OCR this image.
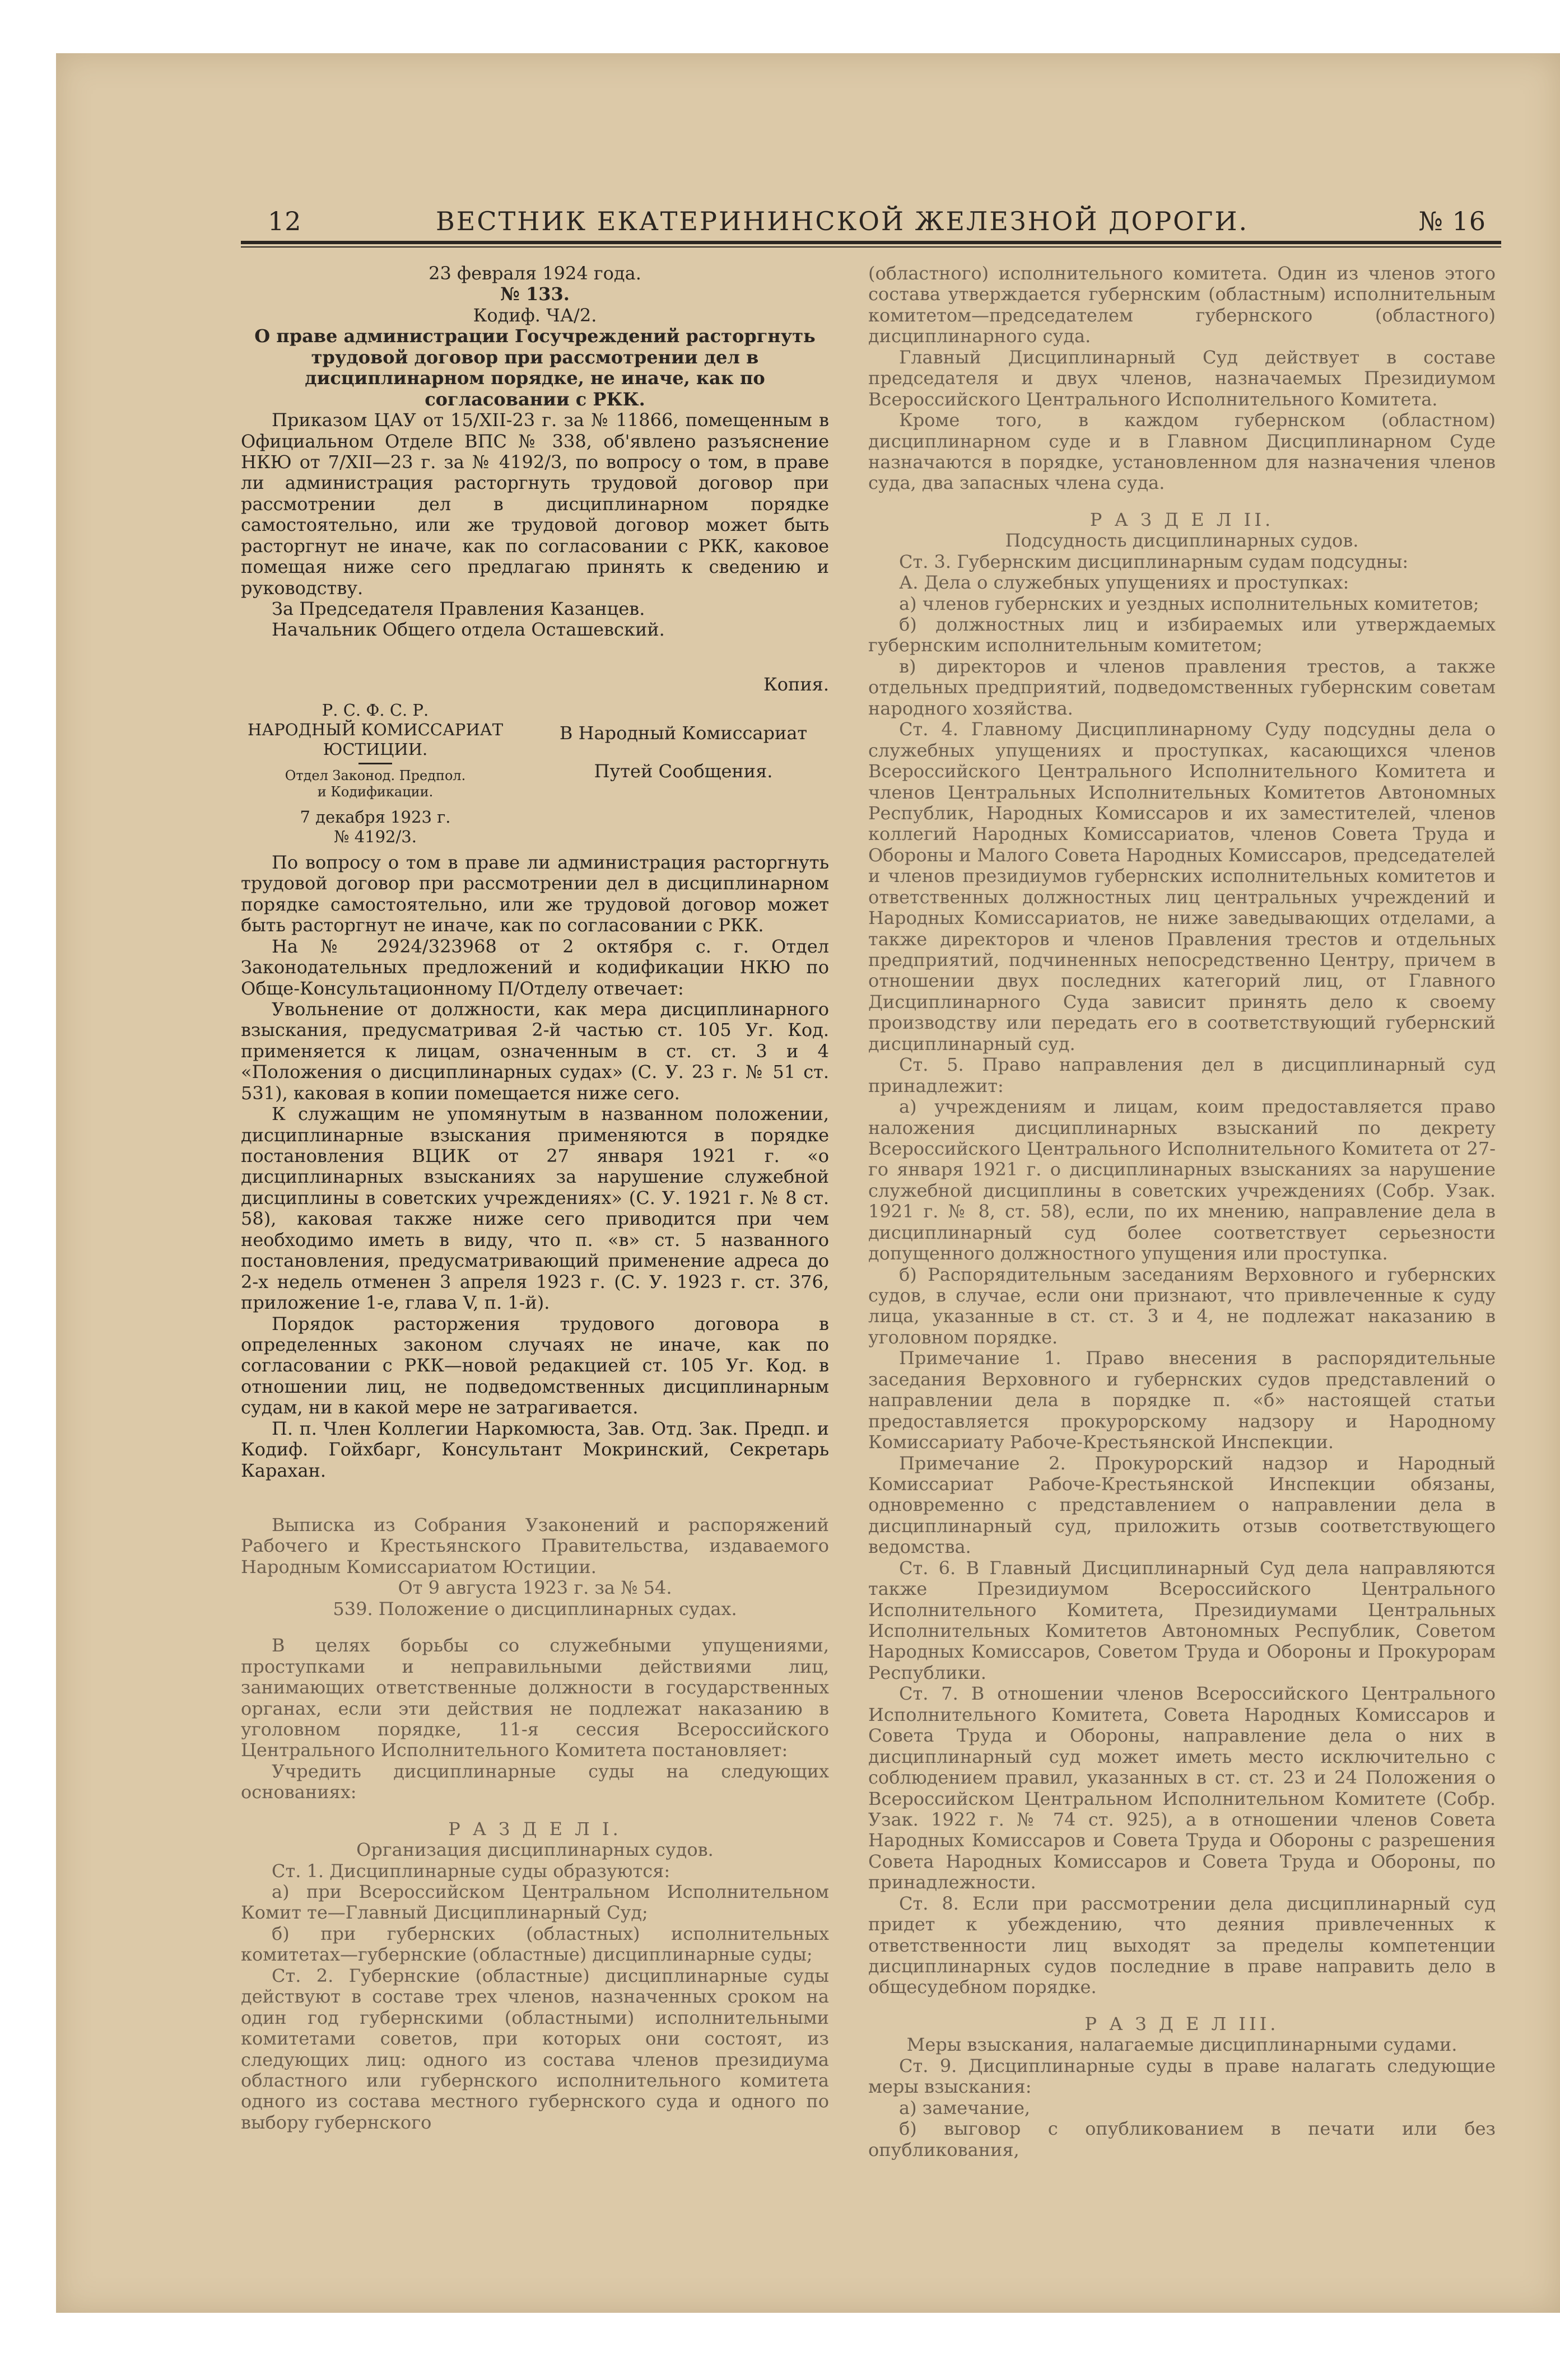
12	ВЕСТНИК ЕКАТЕРИНИНСКОЙ ЖЕЛЕЗНОЙ ДОРОГИ.	№ 16

23 февраля 1924 года.

№ 133.

Кодиф. ЧА/2.

О праве администрации Госучреждений расторгнуть трудовой договор при рассмотрении дел в дисциплинарном порядке, не иначе, как по согласовании с РКК.

Приказом ЦАУ от 15/XII-23 г. за № 11866, помещенным в Официальном Отделе ВПС № 338, об'явлено разъяснение НКЮ от 7/XII—23 г. за № 4192/3, по вопросу о том, в праве ли администрация расторгнуть трудовой договор при рассмотрении дел в дисциплинарном порядке самостоятельно, или же трудовой договор может быть расторгнут не иначе, как по согласовании с РКК, каковое помещая ниже сего предлагаю принять к сведению и руководству.

За Председателя Правления Казанцев.

Начальник Общего отдела Осташевский.

Копия.

Р. С. Ф. С. Р.
НАРОДНЫЙ КОМИССАРИАТ
ЮСТИЦИИ.
Отдел Законод. Предпол.
и Кодификации.
7 декабря 1923 г.
№ 4192/3.
В Народный Комиссариат
Путей Сообщения.

По вопросу о том в праве ли администрация расторгнуть трудовой договор при рассмотрении дел в дисциплинарном порядке самостоятельно, или же трудовой договор может быть расторгнут не иначе, как по согласовании с РКК.

На № 2924/323968 от 2 октября с. г. Отдел Законодательных предложений и кодификации НКЮ по Обще-Консультационному П/Отделу отвечает:

Увольнение от должности, как мера дисциплинарного взыскания, предусматривая 2-й частью ст. 105 Уг. Код. применяется к лицам, означенным в ст. ст. 3 и 4 «Положения о дисциплинарных судах» (С. У. 23 г. № 51 ст. 531), каковая в копии помещается ниже сего.

К служащим не упомянутым в названном положении, дисциплинарные взыскания применяются в порядке постановления ВЦИК от 27 января 1921 г. «о дисциплинарных взысканиях за нарушение служебной дисциплины в советских учреждениях» (С. У. 1921 г. № 8 ст. 58), каковая также ниже сего приводится при чем необходимо иметь в виду, что п. «в» ст. 5 названного постановления, предусматривающий применение адреса до 2-х недель отменен 3 апреля 1923 г. (С. У. 1923 г. ст. 376, приложение 1-е, глава V, п. 1-й).

Порядок расторжения трудового договора в определенных законом случаях не иначе, как по согласовании с РКК—новой редакцией ст. 105 Уг. Код. в отношении лиц, не подведомственных дисциплинарным судам, ни в какой мере не затрагивается.

П. п. Член Коллегии Наркомюста, Зав. Отд. Зак. Предп. и Кодиф. Гойхбарг, Консультант Мокринский, Секретарь Карахан.

Выписка из Собрания Узаконений и распоряжений Рабочего и Крестьянского Правительства, издаваемого Народным Комиссариатом Юстиции.

От 9 августа 1923 г. за № 54.

539. Положение о дисциплинарных судах.

В целях борьбы со служебными упущениями, проступками и неправильными действиями лиц, занимающих ответственные должности в государственных органах, если эти действия не подлежат наказанию в уголовном порядке, 11-я сессия Всероссийского Центрального Исполнительного Комитета постановляет:

Учредить дисциплинарные суды на следующих основаниях:

Р А З Д Е Л I.

Организация дисциплинарных судов.

Ст. 1. Дисциплинарные суды образуются:

а) при Всероссийском Центральном Исполнительном Комит те—Главный Дисциплинарный Суд;

б) при губернских (областных) исполнительных комитетах—губернские (областные) дисциплинарные суды;

Ст. 2. Губернские (областные) дисциплинарные суды действуют в составе трех членов, назначенных сроком на один год губернскими (областными) исполнительными комитетами советов, при которых они состоят, из следующих лиц: одного из состава членов президиума областного или губернского исполнительного комитета одного из состава местного губернского суда и одного по выбору губернского

(областного) исполнительного комитета. Один из членов этого состава утверждается губернским (областным) исполнительным комитетом—председателем губернского (областного) дисциплинарного суда.

Главный Дисциплинарный Суд действует в составе председателя и двух членов, назначаемых Президиумом Всероссийского Центрального Исполнительного Комитета.

Кроме того, в каждом губернском (областном) дисциплинарном суде и в Главном Дисциплинарном Суде назначаются в порядке, установленном для назначения членов суда, два запасных члена суда.

Р А З Д Е Л II.

Подсудность дисциплинарных судов.

Ст. 3. Губернским дисциплинарным судам подсудны:

А. Дела о служебных упущениях и проступках:

а) членов губернских и уездных исполнительных комитетов;

б) должностных лиц и избираемых или утверждаемых губернским исполнительным комитетом;

в) директоров и членов правления трестов, а также отдельных предприятий, подведомственных губернским советам народного хозяйства.

Ст. 4. Главному Дисциплинарному Суду подсудны дела о служебных упущениях и проступках, касающихся членов Всероссийского Центрального Исполнительного Комитета и членов Центральных Исполнительных Комитетов Автономных Республик, Народных Комиссаров и их заместителей, членов коллегий Народных Комиссариатов, членов Совета Труда и Обороны и Малого Совета Народных Комиссаров, председателей и членов президиумов губернских исполнительных комитетов и ответственных должностных лиц центральных учреждений и Народных Комиссариатов, не ниже заведывающих отделами, а также директоров и членов Правления трестов и отдельных предприятий, подчиненных непосредственно Центру, причем в отношении двух последних категорий лиц, от Главного Дисциплинарного Суда зависит принять дело к своему производству или передать его в соответствующий губернский дисциплинарный суд.

Ст. 5. Право направления дел в дисциплинарный суд принадлежит:

а) учреждениям и лицам, коим предоставляется право наложения дисциплинарных взысканий по декрету Всероссийского Центрального Исполнительного Комитета от 27-го января 1921 г. о дисциплинарных взысканиях за нарушение служебной дисциплины в советских учреждениях (Собр. Узак. 1921 г. № 8, ст. 58), если, по их мнению, направление дела в дисциплинарный суд более соответствует серьезности допущенного должностного упущения или проступка.

б) Распорядительным заседаниям Верховного и губернских судов, в случае, если они признают, что привлеченные к суду лица, указанные в ст. ст. 3 и 4, не подлежат наказанию в уголовном порядке.

Примечание 1. Право внесения в распорядительные заседания Верховного и губернских судов представлений о направлении дела в порядке п. «б» настоящей статьи предоставляется прокурорскому надзору и Народному Комиссариату Рабоче-Крестьянской Инспекции.

Примечание 2. Прокурорский надзор и Народный Комиссариат Рабоче-Крестьянской Инспекции обязаны, одновременно с представлением о направлении дела в дисциплинарный суд, приложить отзыв соответствующего ведомства.

Ст. 6. В Главный Дисциплинарный Суд дела направляются также Президиумом Всероссийского Центрального Исполнительного Комитета, Президиумами Центральных Исполнительных Комитетов Автономных Республик, Советом Народных Комиссаров, Советом Труда и Обороны и Прокурорам Республики.

Ст. 7. В отношении членов Всероссийского Центрального Исполнительного Комитета, Совета Народных Комиссаров и Совета Труда и Обороны, направление дела о них в дисциплинарный суд может иметь место исключительно с соблюдением правил, указанных в ст. ст. 23 и 24 Положения о Всероссийском Центральном Исполнительном Комитете (Собр. Узак. 1922 г. № 74 ст. 925), а в отношении членов Совета Народных Комиссаров и Совета Труда и Обороны с разрешения Совета Народных Комиссаров и Совета Труда и Обороны, по принадлежности.

Ст. 8. Если при рассмотрении дела дисциплинарный суд придет к убеждению, что деяния привлеченных к ответственности лиц выходят за пределы компетенции дисциплинарных судов последние в праве направить дело в общесудебном порядке.

Р А З Д Е Л III.

Меры взыскания, налагаемые дисциплинарными судами.

Ст. 9. Дисциплинарные суды в праве налагать следующие меры взыскания:

а) замечание,

б) выговор с опубликованием в печати или без опубликования,
